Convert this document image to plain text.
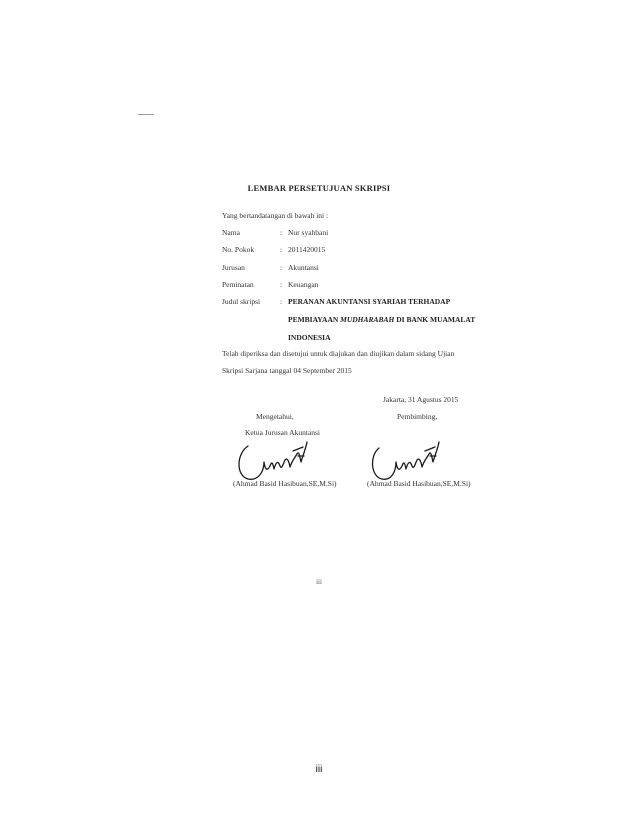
LEMBAR PERSETUJUAN SKRIPSI
Yang bertandatangan di bawah ini :
Nama	: Nur syahbani
No. Pokok	: 2011420015
Jurusan	: Akuntansi
Peminatan	: Keuangan
Judul skripsi	: PERANAN AKUNTANSI SYARIAH TERHADAP
PEMBIAYAAN MUDHARABAH DI BANK MUAMALAT
INDONESIA
Telah diperiksa dan disetujui untuk diajukan dan diujikan dalam sidang Ujian
Skripsi Sarjana tanggal 04 September 2015
Jakarta, 31 Agustus 2015
Mengetahui,	Pembimbing,
Ketua Jurusan Akuntansi
(Ahmad Basid Hasibuan,SE,M.Si)	(Ahmad Basid Hasibuan,SE,M.Si)
iii
iii
